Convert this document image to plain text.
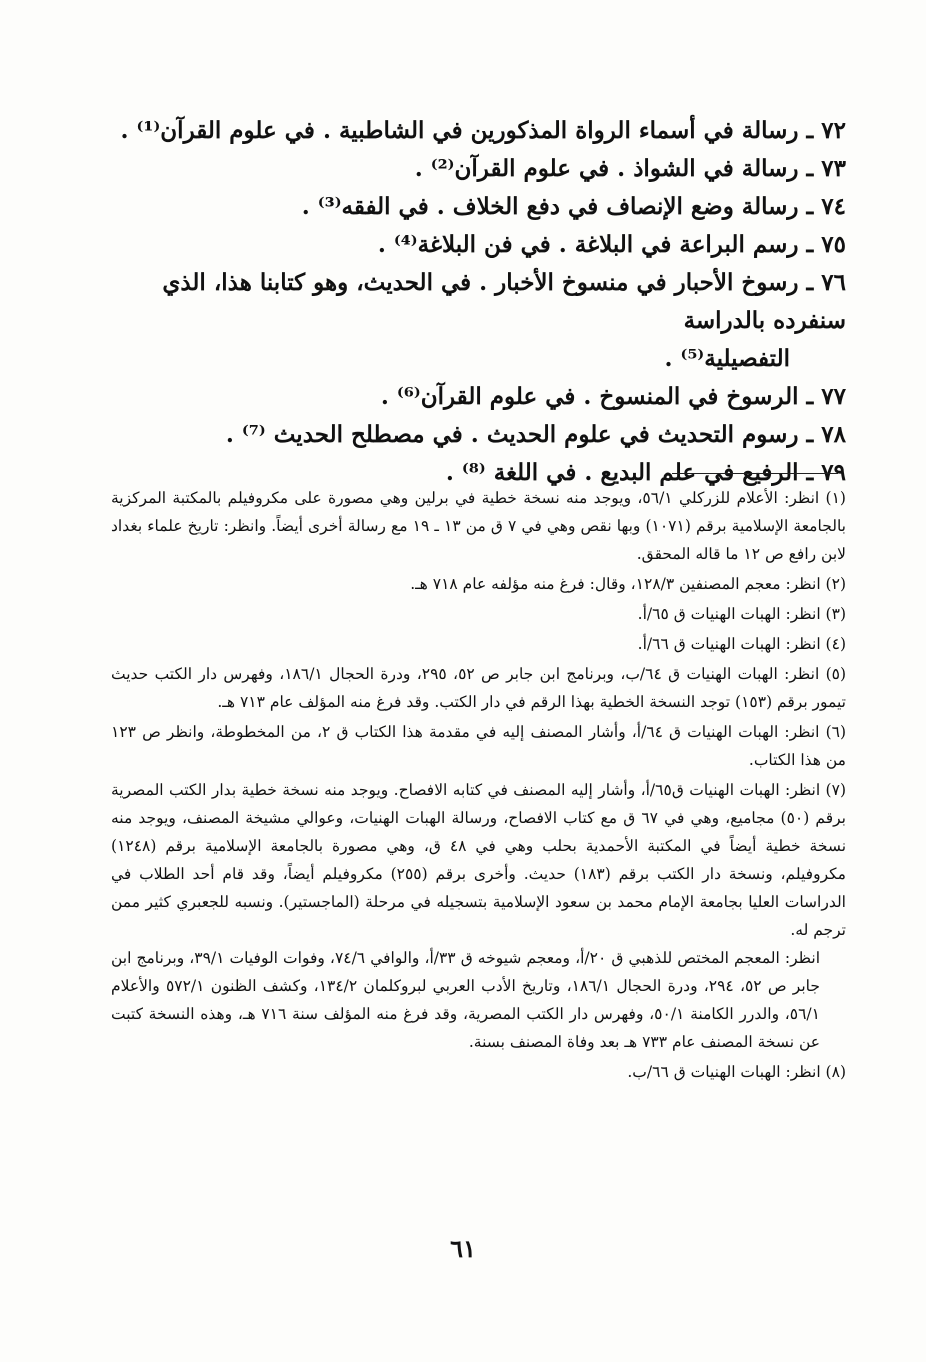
٧٢ ـ رسالة في أسماء الرواة المذكورين في الشاطبية . في علوم القرآن⁽¹⁾ .
٧٣ ـ رسالة في الشواذ . في علوم القرآن⁽²⁾ .
٧٤ ـ رسالة وضع الإنصاف في دفع الخلاف . في الفقه⁽³⁾ .
٧٥ ـ رسم البراعة في البلاغة . في فن البلاغة⁽⁴⁾ .
٧٦ ـ رسوخ الأحبار في منسوخ الأخبار . في الحديث، وهو كتابنا هذا، الذي سنفرده بالدراسة
التفصيلية⁽⁵⁾ .
٧٧ ـ الرسوخ في المنسوخ . في علوم القرآن⁽⁶⁾ .
٧٨ ـ رسوم التحديث في علوم الحديث . في مصطلح الحديث ⁽⁷⁾ .
٧٩ ـ الرفيع في علم البديع . في اللغة ⁽⁸⁾ .
(١) انظر: الأعلام للزركلي ٥٦/١، ويوجد منه نسخة خطية في برلين وهي مصورة على مكروفيلم بالمكتبة المركزية بالجامعة الإسلامية برقم (١٠٧١) وبها نقص وهي في ٧ ق من ١٣ ـ ١٩ مع رسالة أخرى أيضاً. وانظر: تاريخ علماء بغداد لابن رافع ص ١٢ ما قاله المحقق.
(٢) انظر: معجم المصنفين ١٢٨/٣، وقال: فرغ منه مؤلفه عام ٧١٨ هـ.
(٣) انظر: الهبات الهنيات ق ٦٥/أ.
(٤) انظر: الهبات الهنيات ق ٦٦/أ.
(٥) انظر: الهبات الهنيات ق ٦٤/ب، وبرنامج ابن جابر ص ٥٢، ٢٩٥، ودرة الحجال ١٨٦/١، وفهرس دار الكتب حديث تيمور برقم (١٥٣) توجد النسخة الخطية بهذا الرقم في دار الكتب. وقد فرغ منه المؤلف عام ٧١٣ هـ.
(٦) انظر: الهبات الهنيات ق ٦٤/أ، وأشار المصنف إليه في مقدمة هذا الكتاب ق ٢، من المخطوطة، وانظر ص ١٢٣ من هذا الكتاب.
(٧) انظر: الهبات الهنيات ق٦٥/أ، وأشار إليه المصنف في كتابه الافصاح. ويوجد منه نسخة خطية بدار الكتب المصرية برقم (٥٠) مجاميع، وهي في ٦٧ ق مع كتاب الافصاح، ورسالة الهبات الهنيات، وعوالي مشيخة المصنف، ويوجد منه نسخة خطية أيضاً في المكتبة الأحمدية بحلب وهي في ٤٨ ق، وهي مصورة بالجامعة الإسلامية برقم (١٢٤٨) مكروفيلم، ونسخة دار الكتب برقم (١٨٣) حديث. وأخرى برقم (٢٥٥) مكروفيلم أيضاً، وقد قام أحد الطلاب في الدراسات العليا بجامعة الإمام محمد بن سعود الإسلامية بتسجيله في مرحلة (الماجستير). ونسبه للجعبري كثير ممن ترجم له.
انظر: المعجم المختص للذهبي ق ٢٠/أ، ومعجم شيوخه ق ٣٣/أ، والوافي ٧٤/٦، وفوات الوفيات ٣٩/١، وبرنامج ابن جابر ص ٥٢، ٢٩٤، ودرة الحجال ١٨٦/١، وتاريخ الأدب العربي لبروكلمان ١٣٤/٢، وكشف الظنون ٥٧٢/١ والأعلام ٥٦/١، والدرر الكامنة ٥٠/١، وفهرس دار الكتب المصرية، وقد فرغ منه المؤلف سنة ٧١٦ هـ، وهذه النسخة كتبت عن نسخة المصنف عام ٧٣٣ هـ بعد وفاة المصنف بسنة.
(٨) انظر: الهبات الهنيات ق ٦٦/ب.
٦١
